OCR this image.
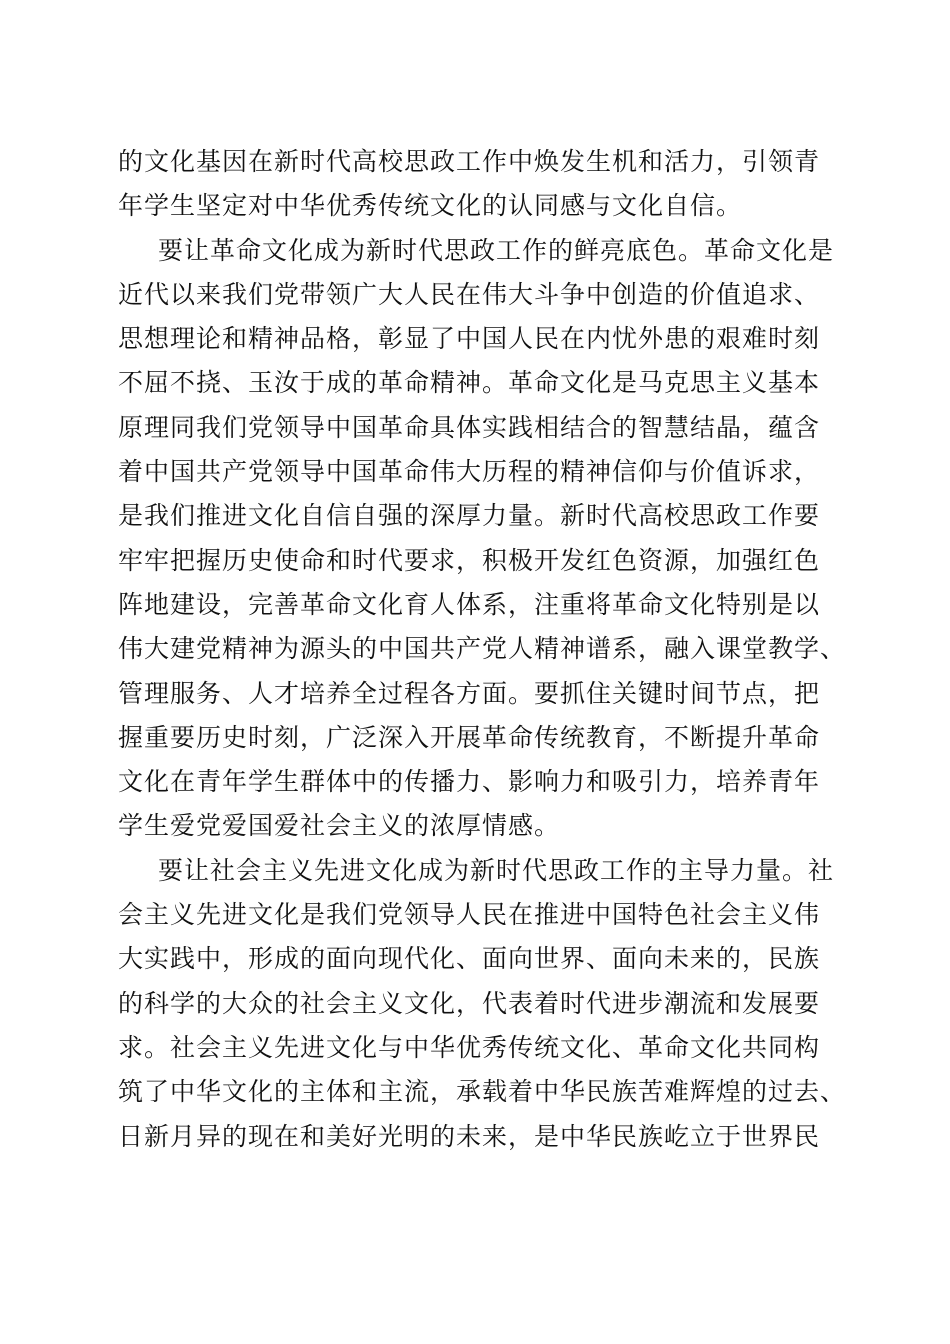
的文化基因在新时代高校思政工作中焕发生机和活力，引领青
年学生坚定对中华优秀传统文化的认同感与文化自信。
要让革命文化成为新时代思政工作的鲜亮底色。革命文化是
近代以来我们党带领广大人民在伟大斗争中创造的价值追求、
思想理论和精神品格，彰显了中国人民在内忧外患的艰难时刻
不屈不挠、玉汝于成的革命精神。革命文化是马克思主义基本
原理同我们党领导中国革命具体实践相结合的智慧结晶，蕴含
着中国共产党领导中国革命伟大历程的精神信仰与价值诉求，
是我们推进文化自信自强的深厚力量。新时代高校思政工作要
牢牢把握历史使命和时代要求，积极开发红色资源，加强红色
阵地建设，完善革命文化育人体系，注重将革命文化特别是以
伟大建党精神为源头的中国共产党人精神谱系，融入课堂教学、
管理服务、人才培养全过程各方面。要抓住关键时间节点，把
握重要历史时刻，广泛深入开展革命传统教育，不断提升革命
文化在青年学生群体中的传播力、影响力和吸引力，培养青年
学生爱党爱国爱社会主义的浓厚情感。
要让社会主义先进文化成为新时代思政工作的主导力量。社
会主义先进文化是我们党领导人民在推进中国特色社会主义伟
大实践中，形成的面向现代化、面向世界、面向未来的，民族
的科学的大众的社会主义文化，代表着时代进步潮流和发展要
求。社会主义先进文化与中华优秀传统文化、革命文化共同构
筑了中华文化的主体和主流，承载着中华民族苦难辉煌的过去、
日新月异的现在和美好光明的未来，是中华民族屹立于世界民
